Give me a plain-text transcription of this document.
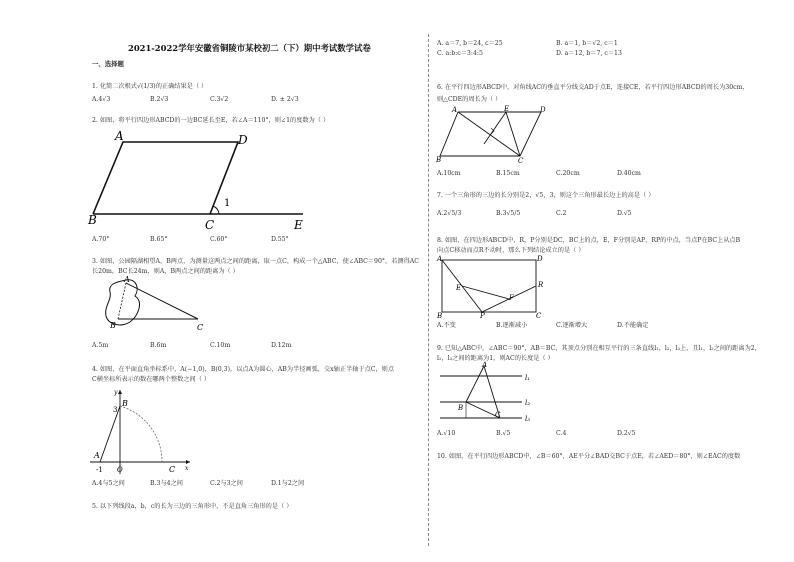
2021-2022学年安徽省铜陵市某校初二（下）期中考试数学试卷
一、选择题
1. 化简二次根式√(1/3)的正确结果是（ ）
A.4√3	B.2√3	C.3√2	D. ± 2√3
2. 如图，将平行四边形ABCD的一边BC延长至E，若∠A＝110°，则∠1的度数为（ ）
A	D
B	C	E
1
A.70°	B.65°	C.60°	D.55°
3. 如图，公园隔湖相望A，B两点，为测量这两点之间的距离，取一点C，构成一个△ABC，使∠ABC＝90°，若测得AC
长20m，BC长24m，则A，B两点之间的距离为（ ）
A
B	C
A.5m	B.6m	C.10m	D.12m
4. 如图，在平面直角坐标系中，A(−1,0)，B(0,3)，以点A为圆心，AB为半径画弧，交x轴正半轴于点C，则点
C横坐标所表示的数在哪两个整数之间（ ）
y
x
B
3
A
-1 O	C
A.4与5之间	B.3与4之间	C.2与3之间	D.1与2之间
5. 以下列线段a，b，c的长为三边的三角形中，不是直角三角形的是（ ）
A. a＝7, b＝24, c＝25	B. a＝1, b＝√2, c＝1
C. a:b:c＝3:4:5	D. a＝12, b＝7, c＝13
6. 在平行四边形ABCD中，对角线AC的垂直平分线交AD于点E，连接CE，若平行四边形ABCD的周长为30cm，
则△CDE的周长为（ ）
A	E	D
B	C
A.10cm	B.15cm	C.20cm	D.40cm
7. 一个三角形的三边的长分别是2，√5，3，则这个三角形最长边上的高是（ ）
A.2√5/3	B.3√5/5	C.2	D.√5
8. 如图，在四边形ABCD中，R，P分别是DC，BC上的点，E，F分别是AP，RP的中点，当点P在BC上从点B
向点C移动而点R不动时，那么下列结论成立的是（ ）
A	D
E	R
F
B	P	C
A.不变	B.逐渐减小	C.逐渐增大	D.不能确定
9. 已知△ABC中，∠ABC＝90°，AB＝BC，其顶点分别在相互平行的三条直线l₁，l₂，l₃上，且l₁，l₂之间的距离为2，
l₂，l₃之间的距离为1，则AC的长度是（ ）
A
B
C
l₁
l₂
l₃
A.√10	B.√5	C.4	D.2√5
10. 如图，在平行四边形ABCD中，∠B＝60°，AE平分∠BAD交BC于点E，若∠AED＝80°，则∠EAC的度数
